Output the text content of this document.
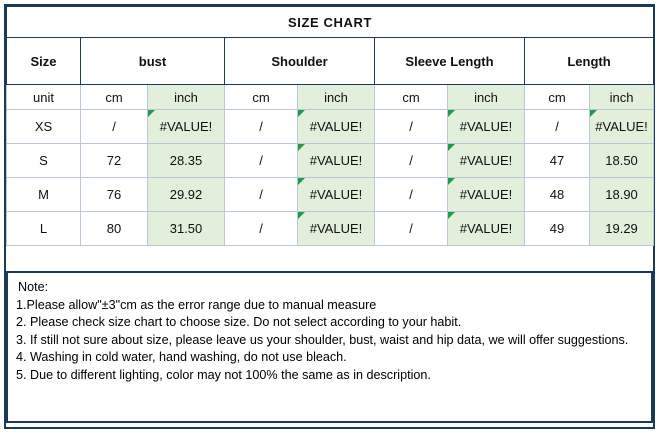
SIZE CHART								
Size	bust		Shoulder		Sleeve Length		Length	
unit	cm	inch	cm	inch	cm	inch	cm	inch
XS	/	#VALUE!	/	#VALUE!	/	#VALUE!	/	#VALUE!
S	72	28.35	/	#VALUE!	/	#VALUE!	47	18.50
M	76	29.92	/	#VALUE!	/	#VALUE!	48	18.90
L	80	31.50	/	#VALUE!	/	#VALUE!	49	19.29
Note:
1.Please allow"±3"cm as the error range due to manual measure
2. Please check size chart to choose size. Do not select according to your habit.
3. If still not sure about size, please leave us your shoulder, bust, waist and hip data, we will offer suggestions.
4. Washing in cold water, hand washing, do not use bleach.
5. Due to different lighting, color may not 100% the same as in description.
